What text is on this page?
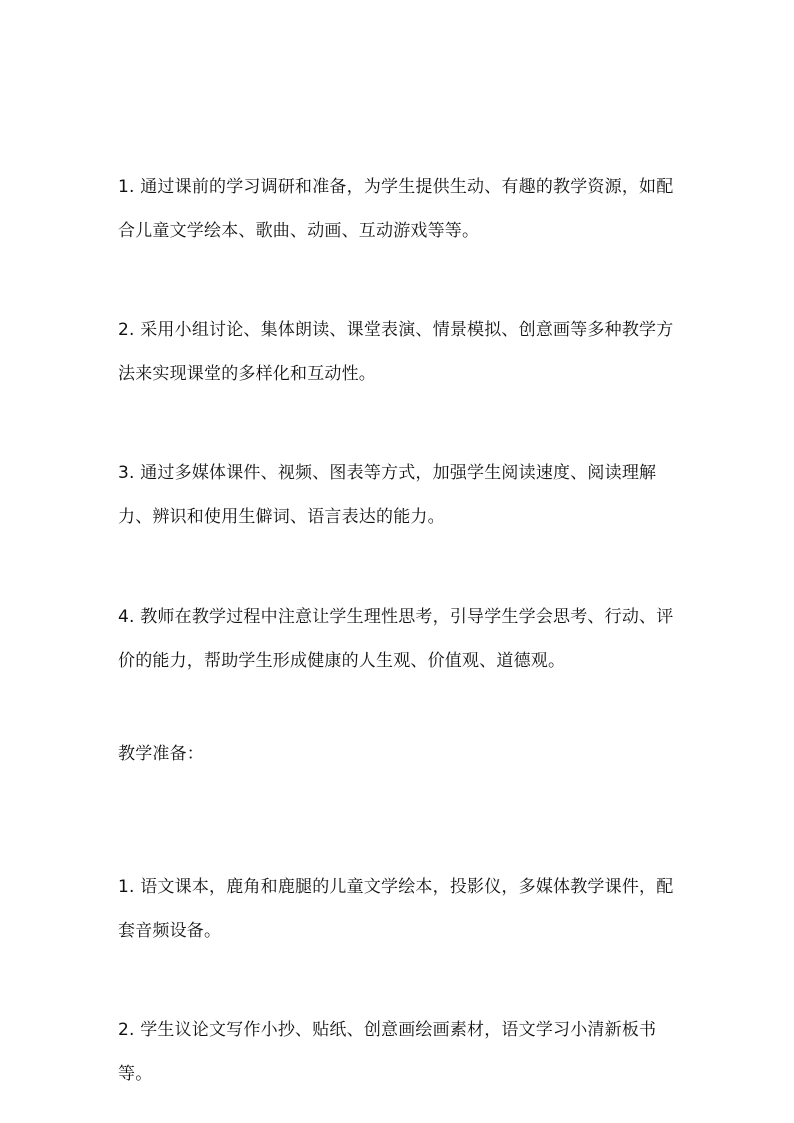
1. 通过课前的学习调研和准备，为学生提供生动、有趣的教学资源，如配合儿童文学绘本、歌曲、动画、互动游戏等等。

2. 采用小组讨论、集体朗读、课堂表演、情景模拟、创意画等多种教学方法来实现课堂的多样化和互动性。

3. 通过多媒体课件、视频、图表等方式，加强学生阅读速度、阅读理解力、辨识和使用生僻词、语言表达的能力。

4. 教师在教学过程中注意让学生理性思考，引导学生学会思考、行动、评价的能力，帮助学生形成健康的人生观、价值观、道德观。

教学准备：

1. 语文课本，鹿角和鹿腿的儿童文学绘本，投影仪，多媒体教学课件，配套音频设备。

2. 学生议论文写作小抄、贴纸、创意画绘画素材，语文学习小清新板书等。
